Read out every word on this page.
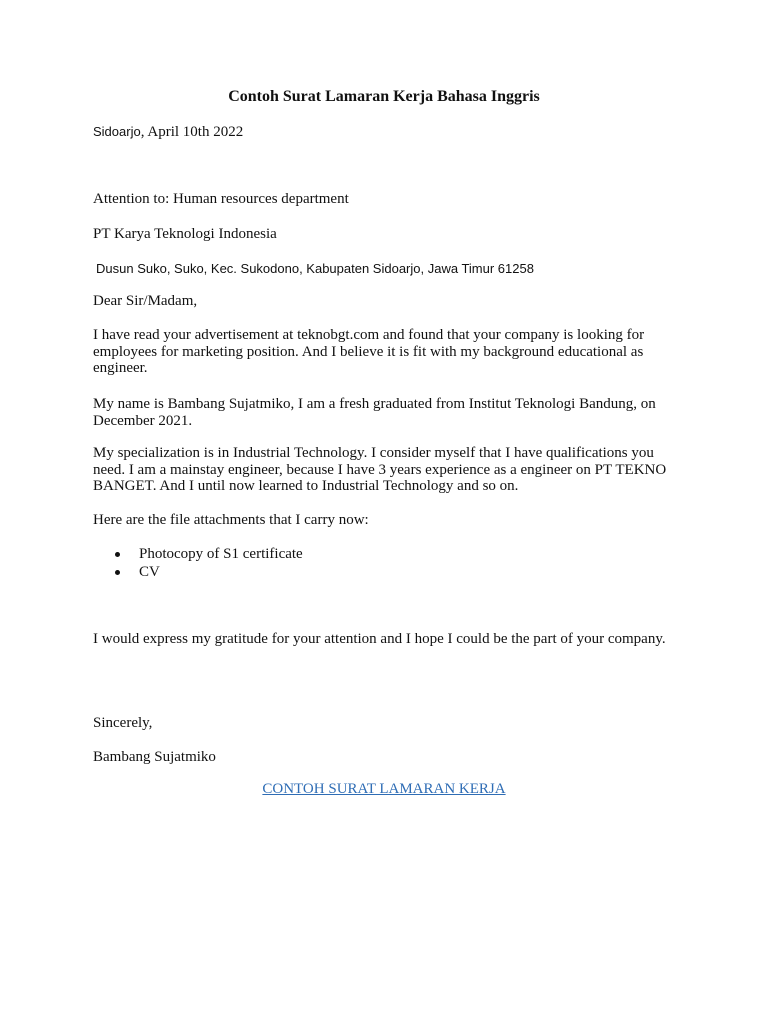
Contoh Surat Lamaran Kerja Bahasa Inggris

Sidoarjo, April 10th 2022

Attention to: Human resources department

PT Karya Teknologi Indonesia

Dusun Suko, Suko, Kec. Sukodono, Kabupaten Sidoarjo, Jawa Timur 61258

Dear Sir/Madam,

I have read your advertisement at teknobgt.com and found that your company is looking for employees for marketing position. And I believe it is fit with my background educational as engineer.

My name is Bambang Sujatmiko, I am a fresh graduated from Institut Teknologi Bandung, on December 2021.

My specialization is in Industrial Technology. I consider myself that I have qualifications you need. I am a mainstay engineer, because I have 3 years experience as a engineer on PT TEKNO BANGET. And I until now learned to Industrial Technology and so on.

Here are the file attachments that I carry now:

Photocopy of S1 certificate
CV

I would express my gratitude for your attention and I hope I could be the part of your company.

Sincerely,

Bambang Sujatmiko

CONTOH SURAT LAMARAN KERJA
